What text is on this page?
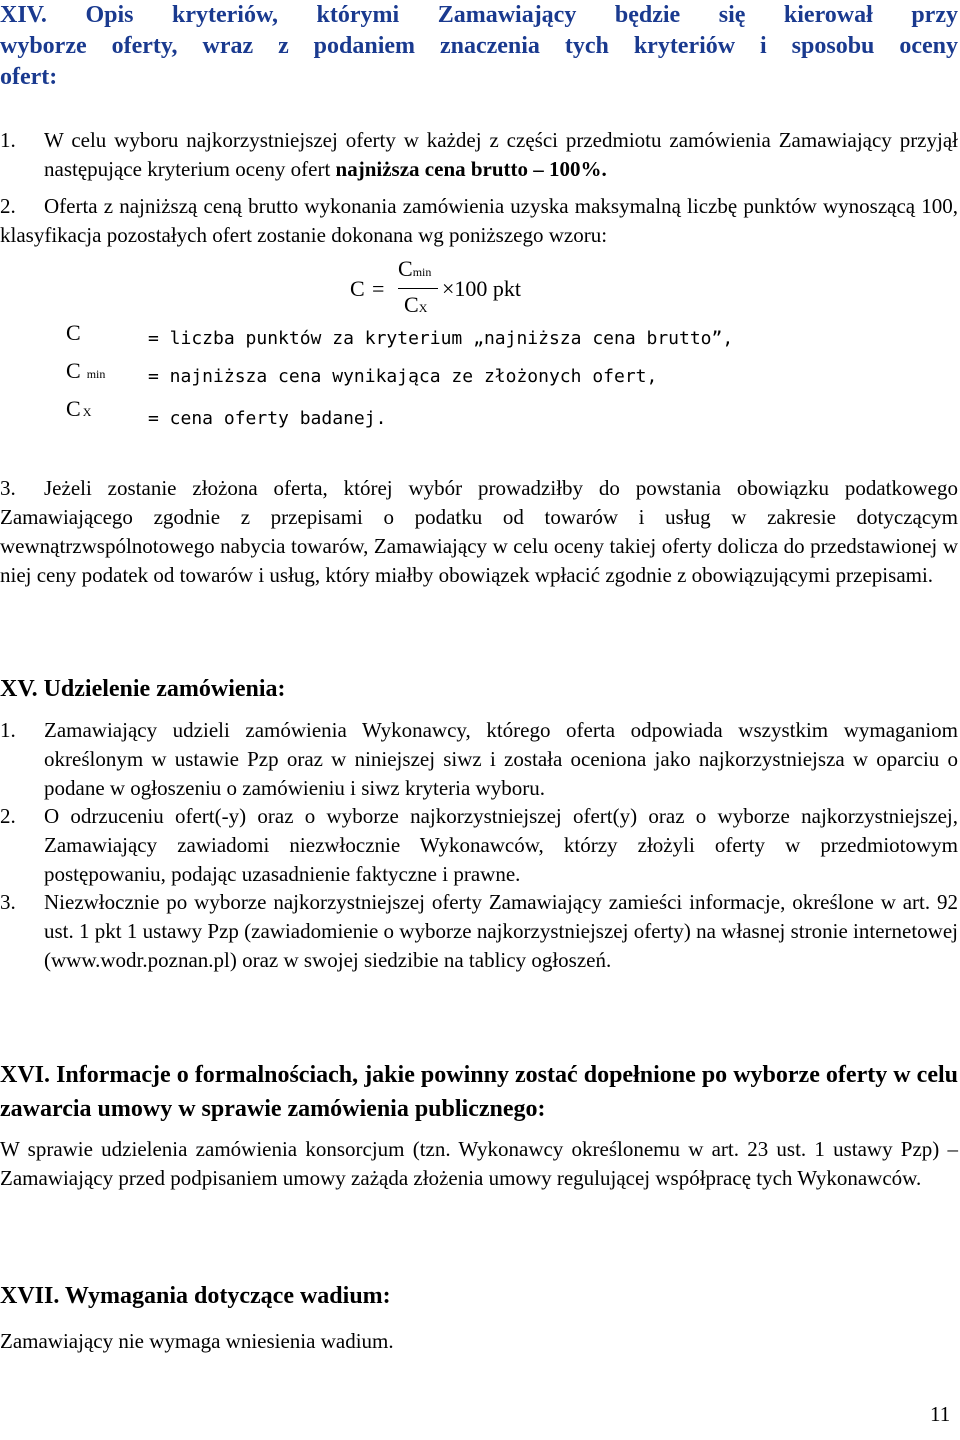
XIV. Opis kryteriów, którymi Zamawiający będzie się kierował przy
wyborze oferty, wraz z podaniem znaczenia tych kryteriów i sposobu oceny
ofert:
1. W celu wyboru najkorzystniejszej oferty w każdej z części przedmiotu zamówienia Zamawiający przyjął następujące kryterium oceny ofert najniższa cena brutto – 100%.
2.	Oferta z najniższą ceną brutto wykonania zamówienia uzyska maksymalną liczbę punktów wynoszącą 100, klasyfikacja pozostałych ofert zostanie dokonana wg poniższego wzoru:
C =
Cmin
CX
×100 pkt
C	= liczba punktów za kryterium „najniższa cena brutto”,
Cmin = najniższa cena wynikająca ze złożonych ofert,
C X	= cena oferty badanej.
3.	Jeżeli zostanie złożona oferta, której wybór prowadziłby do powstania obowiązku podatkowego Zamawiającego zgodnie z przepisami o podatku od towarów i usług w zakresie dotyczącym wewnątrzwspólnotowego nabycia towarów, Zamawiający w celu oceny takiej oferty dolicza do przedstawionej w niej ceny podatek od towarów i usług, który miałby obowiązek wpłacić zgodnie z obowiązującymi przepisami.
XV. Udzielenie zamówienia:
1. Zamawiający udzieli zamówienia Wykonawcy, którego oferta odpowiada wszystkim wymaganiom określonym w ustawie Pzp oraz w niniejszej siwz i została oceniona jako najkorzystniejsza w oparciu o podane w ogłoszeniu o zamówieniu i siwz kryteria wyboru.
2. O odrzuceniu ofert(-y) oraz o wyborze najkorzystniejszej ofert(y) oraz o wyborze najkorzystniejszej, Zamawiający zawiadomi niezwłocznie Wykonawców, którzy złożyli oferty w przedmiotowym postępowaniu, podając uzasadnienie faktyczne i prawne.
3. Niezwłocznie po wyborze najkorzystniejszej oferty Zamawiający zamieści informacje, określone w art. 92 ust. 1 pkt 1 ustawy Pzp (zawiadomienie o wyborze najkorzystniejszej oferty) na własnej stronie internetowej (www.wodr.poznan.pl) oraz w swojej siedzibie na tablicy ogłoszeń.
XVI. Informacje o formalnościach, jakie powinny zostać dopełnione po wyborze oferty w celu zawarcia umowy w sprawie zamówienia publicznego:
W sprawie udzielenia zamówienia konsorcjum (tzn. Wykonawcy określonemu w art. 23 ust. 1 ustawy Pzp) – Zamawiający przed podpisaniem umowy zażąda złożenia umowy regulującej współpracę tych Wykonawców.
XVII. Wymagania dotyczące wadium:
Zamawiający nie wymaga wniesienia wadium.
11
